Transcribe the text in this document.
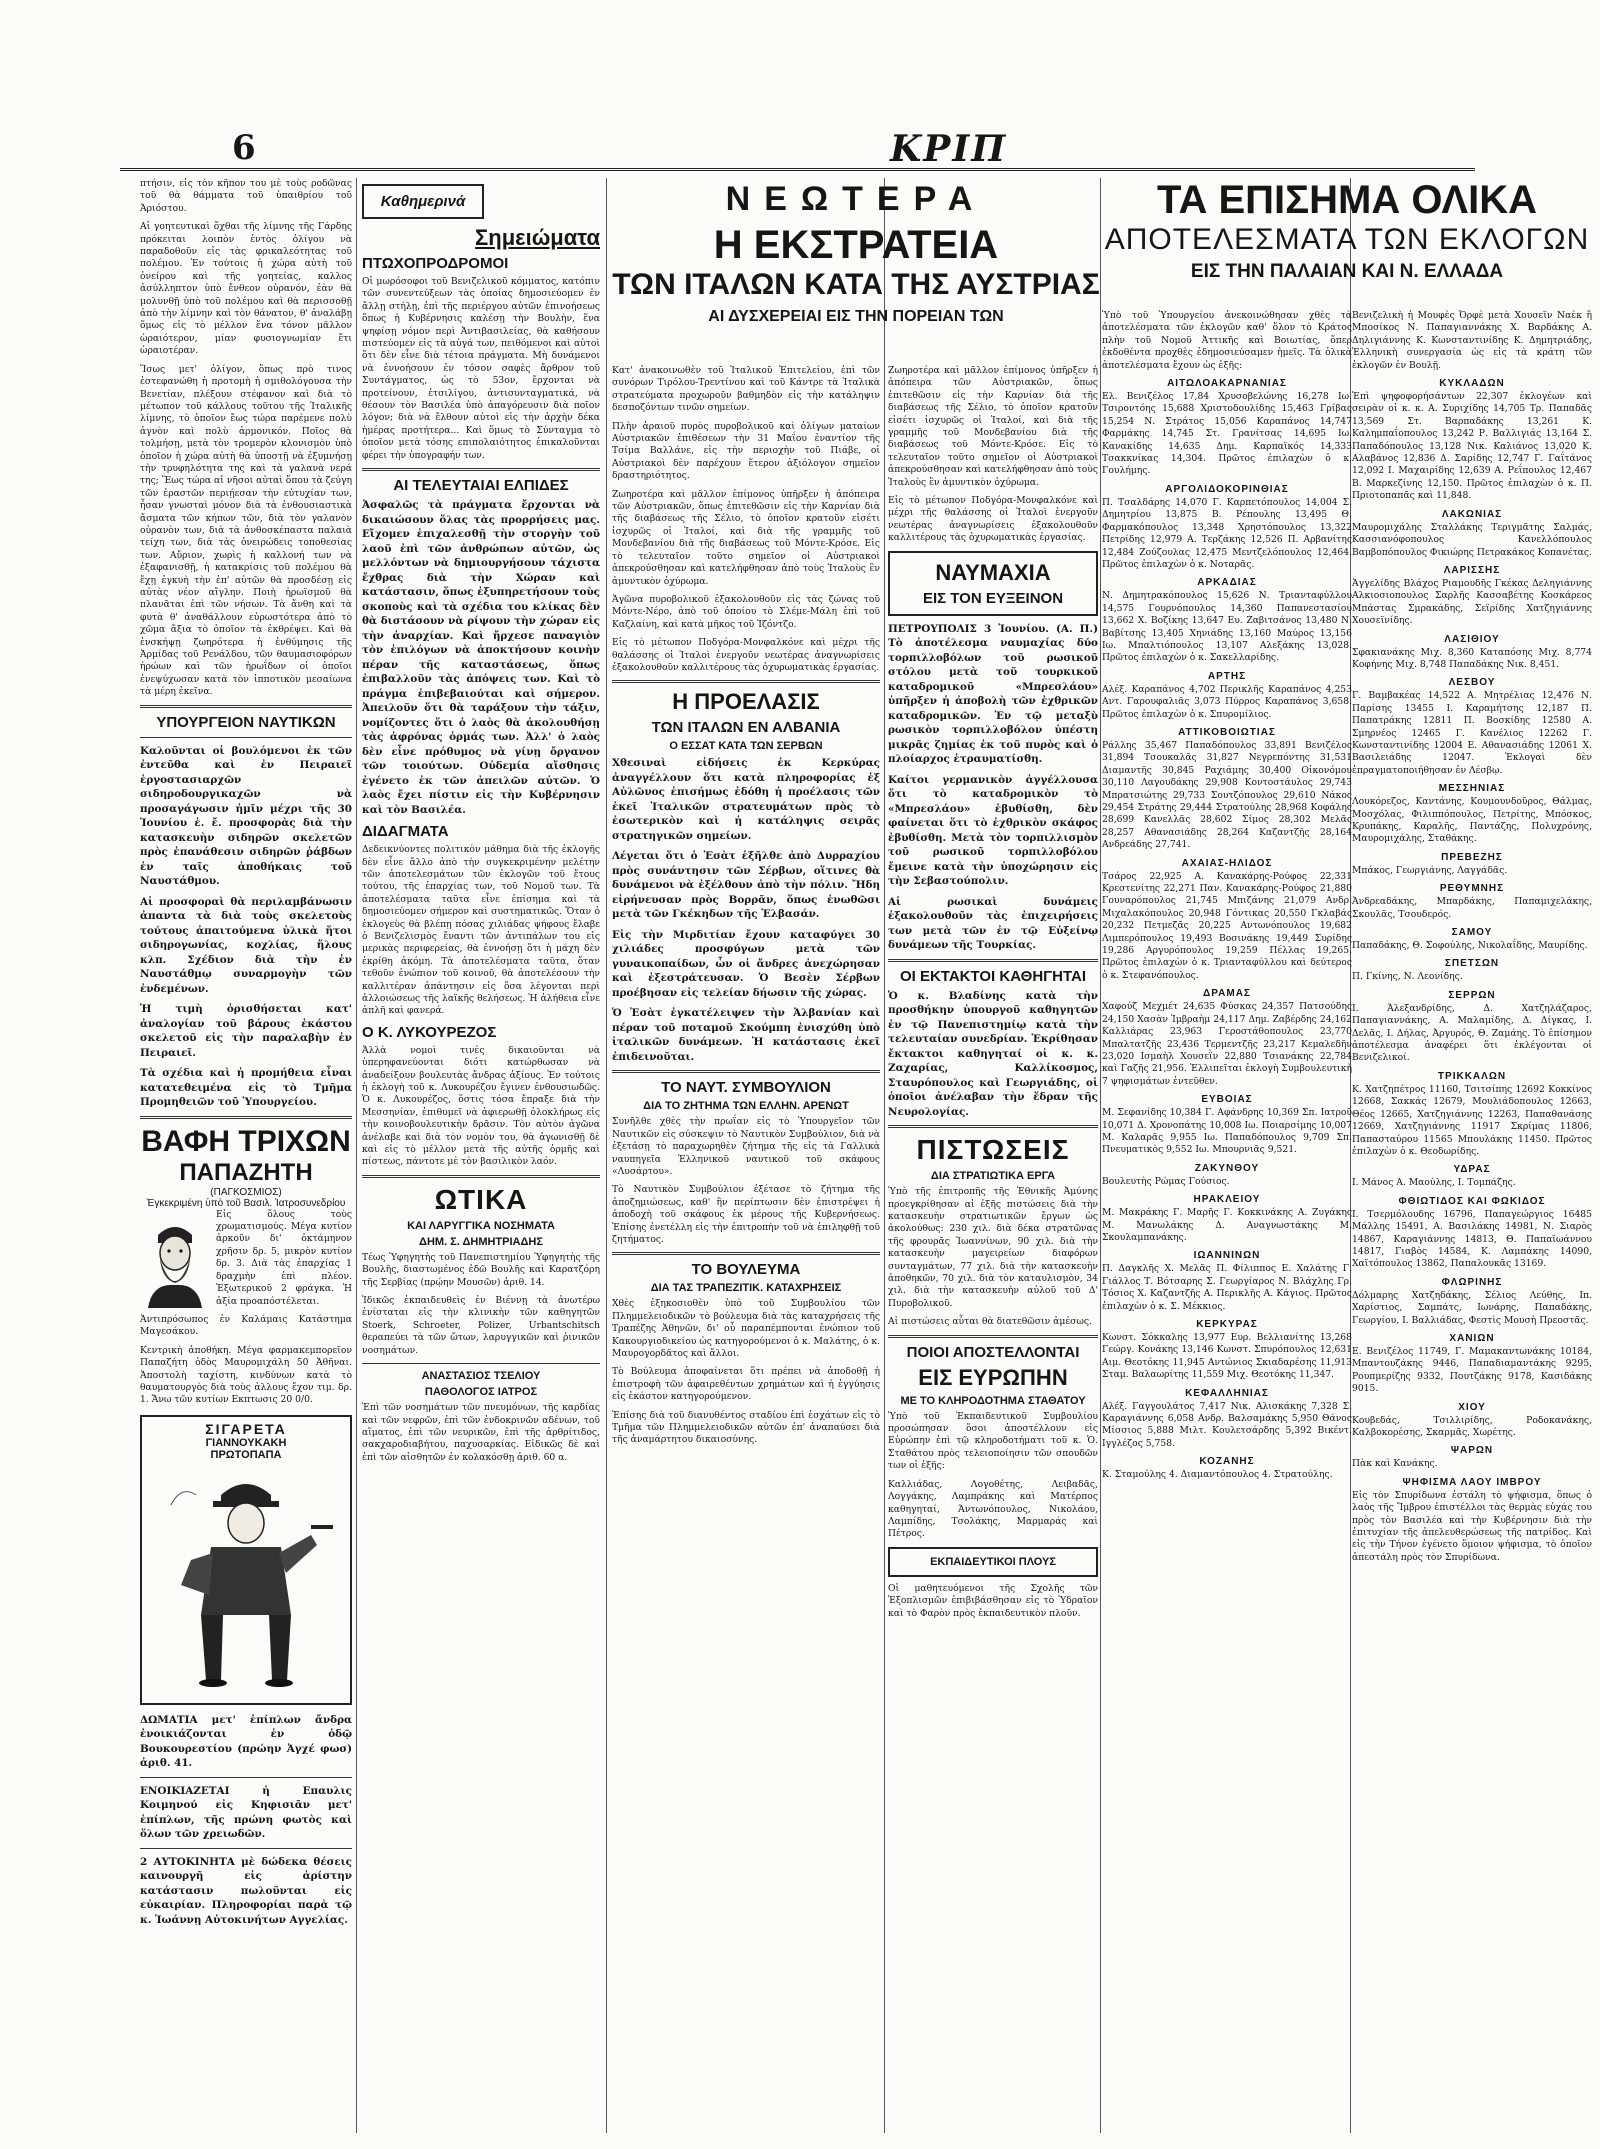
6	ΚΡΙΠ

πτήσιν, εἰς τὸν κῆπον του μὲ τοὺς ροδῶνας τοῦ θὰ θάμματα τοῦ ὑπαιθρίου τοῦ Ἀριόστου.

Αἱ γοητευτικαὶ ὄχθαι τῆς λίμνης τῆς Γάρδης πρόκειται λοιπὸν ἐντὸς ὀλίγου νὰ παραδοθοῦν εἰς τὰς φρικαλεότητας τοῦ πολέμου. Ἐν τούτοις ἡ χώρα αὐτὴ τοῦ ὀνείρου καὶ τῆς γοητείας, καλλος ἀσύλληπτον ὑπὸ ἔνθεον οὐρανόν, ἐὰν θὰ μολυνθῇ ὑπὸ τοῦ πολέμου καὶ θὰ περισσοθῇ ἀπὸ τὴν λίμνην καὶ τὸν θάνατον, θ' ἀναλάβῃ ὅμως εἰς τὸ μέλλον ἕνα τόνον μᾶλλον ὠραιότερον, μίαν φυσιογνωμίαν ἔτι ὡραιοτέραν.

Ἴσως μετ' ὀλίγον, ὅπως πρὸ τινος ἐστεφανώθη ἡ προτομὴ ἡ σμιθολόγουσα τὴν Βενετίαν, πλέξουν στέφανον καὶ διὰ τὸ μέτωπον τοῦ κάλλους τοῦτου τῆς Ἰταλικῆς λίμνης, τὸ ὁποῖον ἔως τώρα παρέμενε πολὺ ἁγνὸν καὶ πολὺ ἀρμονικόν. Ποῖος θὰ τολμήσῃ, μετὰ τὸν τρομερὸν κλονισμὸν ὑπὸ ὁποῖον ἡ χώρα αὐτὴ θὰ ὑποστῇ νὰ ἐξυμνήσῃ τὴν τρυφηλότητα της καὶ τὰ γαλανὰ νερά της; Ἕως τώρα αἱ νῆσοι αὐταὶ ὅπου τὰ ζεύγη τῶν ἐραστῶν περιῄεσαν τὴν εὐτυχίαν των, ἦσαν γνωσταὶ μόνον διὰ τὰ ἐνθουσιαστικὰ ἄσματα τῶν κήπων τῶν, διὰ τὸν γαλανὸν οὐρανὸν των, διὰ τὰ ἀνθοσκέπαστα παλαιὰ τείχη των, διὰ τὰς ὀνειρώδεις τοποθεσίας των. Αὔριον, χωρὶς ἡ καλλονή των νὰ ἐξαφανισθῇ, ἡ κατακρίσις τοῦ πολέμου θὰ ἔχῃ ἐγκυὴ τὴν ἐπ' αὐτῶν θὰ προσδέσῃ εἰς αὐτὰς νέον αἴγλην. Ποιὴ ἡρωϊσμοῦ θὰ πλανᾶται ἐπὶ τῶν νήσων. Τὰ ἄνθη καὶ τὰ φυτὰ θ' ἀναθάλλουν εὐρωστότερα ἀπὸ τὸ χῶμα ἄξια τὸ ὁποῖον τὰ ἐκθρέψει. Καὶ θὰ ἐνσκήψῃ ζωηρότερα ἡ ἐνθύμησις τῆς Ἀρμίδας τοῦ Ρενάλδου, τῶν θαυμασιοφόρων ἡρώων καὶ τῶν ἡρωΐδων οἱ ὁποῖοι ἐνεψύχωσαν κατὰ τὸν ἱπποτικὸν μεσαίωνα τὰ μέρη ἐκεῖνα.

ΥΠΟΥΡΓΕΙΟΝ ΝΑΥΤΙΚΩΝ

Καλοῦνται οἱ βουλόμενοι ἐκ τῶν ἐντεῦθα καὶ ἐν Πειραιεῖ ἐργοστασιαρχῶν σιδηροδουργικαχῶν νὰ προσαγάγωσιν ἡμῖν μέχρι τῆς 30 Ἰουνίου ἐ. ἔ. προσφορὰς διὰ τὴν κατασκευὴν σιδηρῶν σκελετῶν πρὸς ἐπανάθεσιν σιδηρῶν ῥάβδων ἐν ταῖς ἀποθήκαις τοῦ Ναυστάθμου.

Αἱ προσφοραὶ θὰ περιλαμβάνωσιν ἀπαντα τὰ διὰ τοὺς σκελετοὺς τούτους ἀπαιτούμενα ὑλικὰ ἥτοι σιδηρογωνίας, κοχλίας, ἥλους κλπ. Σχέδιον διὰ τὴν ἐν Ναυστάθμῳ συναρμογὴν τῶν ἐνδεμένων.

Ἡ τιμὴ ὁρισθήσεται κατ' ἀναλογίαν τοῦ βάρους ἑκάστου σκελετοῦ εἰς τὴν παραλαβὴν ἐν Πειραιεῖ.

Τὰ σχέδια καὶ ἡ προμήθεια εἶναι κατατεθειμένα εἰς τὸ Τμῆμα Προμηθειῶν τοῦ Ὑπουργείου.

ΒΑΦΗ ΤΡΙΧΩΝ
ΠΑΠΑΖΗΤΗ
(ΠΑΓΚΟΣΜΙΟΣ)
Ἐγκεκριμένη ὑπὸ τοῦ Βασιλ. Ἰατροσυνεδρίου

Εἰς ὅλους τοὺς χρωματισμούς. Μέγα κυτίον ἀρκοῦν δι' ὀκτάμηνον χρῆσιν δρ. 5, μικρὸν κυτίον δρ. 3. Διὰ τὰς ἐπαρχίας 1 δραχμὴν ἐπὶ πλέον. Ἐξωτερικοῦ 2 φράγκα. Ἡ ἀξία προαπόστέλεται.

Ἀντιπρόσωπος ἐν Καλάμαις Κατάστημα Μαγεσάκου.

Κεντρικὴ ἀποθήκη. Μέγα φαρμακεμπορεῖον Παπαζήτη ὁδὸς Μαυρομιχάλη 50 Ἀθῆναι. Ἀποστολὴ ταχίστη, κινδύνων κατὰ τὸ θαυματουργὸς διὰ τοὺς ἀλλους ἔχον τιμ. δρ. 1. Ἄνω τῶν κυτίων Εκπτωσις 20 0/0.

ΣΙΓΑΡΕΤΑ
ΓΙΑΝΝΟΥΚΑΚΗ
ΠΡΩΤΟΠΑΠΑ

ΔΩΜΑΤΙΑ μετ' ἐπίπλων ἄνδρα ἐνοικιάζονται ἐν ὁδῷ Βουκουρεστίου (πρώην Ἀγχέ φωσ) ἀριθ. 41.

ΕΝΟΙΚΙΑΖΕΤΑΙ ἡ Επαυλις Κοιμηνού εἰς Κηφισιᾶν μετ' ἐπίπλων, τῆς πρώνη φωτὸς καὶ ὅλων τῶν χρειωδῶν.

2 ΑΥΤΟΚΙΝΗΤΑ μὲ δώδεκα θέσεις καινουργῆ εἰς ἀρίστην κατάστασιν πωλοῦνται εἰς εὐκαιρίαν. Πληροφορίαι παρὰ τῷ κ. Ἰωάννῃ Αὐτοκινήτων Αγγελίας.

Καθημερινά
Σημειώματα
ΠΤΩΧΟΠΡΟΔΡΟΜΟΙ

Οἱ μωρόσοφοι τοῦ Βενιζελικοῦ κόμματος, κατόπιν τῶν συνεντεύξεων τὰς ὁποίας δημοσιεύομεν ἐν ἄλλῃ στήλῃ, ἐπὶ τῆς περιέργου αὐτῶν ἐπινοήσεως ὅπως ἡ Κυβέρνησις καλέσῃ τὴν Βουλὴν, ἕνα ψηφίσῃ νόμον περὶ Ἀντιβασιλείας, θὰ καθήσουν πιστεύομεν εἰς τὰ αὐγά των, πειθόμενοι καὶ αὐτοὶ ὅτι δὲν εἶνε διὰ τέτοια πράγματα. Μὴ δυνάμενοι νὰ ἐννοήσουν ἐν τόσον σαφὲς ἄρθρον τοῦ Συντάγματος, ὡς τὸ 53ον, ἔρχονται νὰ προτείνουν, ἐτσιλίγου, ἀντισυνταγματικά, νὰ θέσουν τὸν Βασιλέα ὑπὸ ἀπαγόρευσιν διὰ ποῖον λόγον; διὰ νὰ ἔλθουν αὐτοὶ εἰς τὴν ἀρχὴν δέκα ἡμέρας προτήτερα... Καὶ ὅμως τὸ Σύνταγμα τὸ ὁποῖον μετὰ τόσης επιπολαιότητος ἐπικαλοῦνται φέρει τὴν ὑπογραφήν των.

ΑΙ ΤΕΛΕΥΤΑΙΑΙ ΕΛΠΙΔΕΣ

Ἀσφαλῶς τὰ πράγματα ἔρχονται νὰ δικαιώσουν ὅλας τὰς προρρήσεις μας. Εἴχομεν ἐπιχαλεσθῇ τὴν στοργὴν τοῦ λαοῦ ἐπὶ τῶν ἀνθρώπων αὐτῶν, ὡς μελλόντων νὰ δημιουργήσουν τάχιστα ἔχθρας διὰ τὴν Χώραν καὶ κατάστασιν, ὅπως ἐξυπηρετήσουν τοὺς σκοποὺς καὶ τὰ σχέδια του κλίκας δὲν θὰ διστάσουν νὰ ρίψουν τὴν χώραν εἰς τὴν ἀναρχίαν. Καὶ ἤρχεσε παναγιὸν τὸν ἐπιλόγων νὰ ἀποκτήσουν κοινὴν πέραν τῆς καταστάσεως, ὅπως ἐπιβαλλοῦν τὰς ἀπόψεις των. Καὶ τὸ πράγμα ἐπιβεβαιούται καὶ σήμερον. Ἀπειλοῦν ὅτι θὰ ταράξουν τὴν τάξιν, νομίζοντες ὅτι ὁ λαὸς θὰ ἀκολουθήσῃ τὰς ἀφρόνας ὁρμάς των. Ἀλλ' ὁ λαὸς δὲν εἶνε πρόθυμος νὰ γίνῃ ὄργανον τῶν τοιούτων. Οὐδεμία αἴσθησις ἐγένετο ἐκ τῶν ἀπειλῶν αὐτῶν. Ὁ λαὸς ἔχει πίστιν εἰς τὴν Κυβέρνησιν καὶ τὸν Βασιλέα.

ΔΙΔΑΓΜΑΤΑ

Δεδεικνύοντες πολιτικὸν μάθημα διὰ τῆς ἐκλογῆς δὲν εἶνε ἄλλο ἀπὸ τὴν συγκεκριμένην μελέτην τῶν ἀποτελεσμάτων τῶν ἐκλογῶν τοῦ ἔτους τούτου, τῆς ἐπαρχίας των, τοῦ Νομοῦ των. Τὰ ἀποτελέσματα ταῦτα εἶνε ἐπίσημα καὶ τὰ δημοσιεύομεν σήμερον καὶ συστηματικῶς. Ὅταν ὁ ἐκλογεὺς θὰ βλέπῃ πόσας χιλιάδας ψήφους ἔλαβε ὁ Βενιζελισμὸς ἔναντι τῶν ἀντιπάλων του εἰς μερικὰς περιφερείας, θὰ ἐννοήσῃ ὅτι ἡ μάχη δὲν ἐκρίθη ἀκόμη. Τὰ ἀποτελέσματα ταῦτα, ὅταν τεθοῦν ἐνώπιον τοῦ κοινοῦ, θὰ ἀποτελέσουν τὴν καλλιτέραν ἀπάντησιν εἰς ὅσα λέγονται περὶ ἀλλοιώσεως τῆς λαϊκῆς θελήσεως. Ἡ ἀλήθεια εἶνε ἁπλῆ καὶ φανερά.

Ο Κ. ΛΥΚΟΥΡΕΖΟΣ

Ἀλλὰ νομοὶ τινὲς δικαιοῦνται νὰ ὑπερηφανεύονται διότι κατώρθωσαν νὰ ἀναδείξουν βουλευτὰς ἄνδρας ἀξίους. Ἐν τούτοις ἡ ἐκλογὴ τοῦ κ. Λυκουρέζου ἔγινεν ἐνθουσιωδῶς. Ὁ κ. Λυκουρέζος, ὅστις τόσα ἔπραξε διὰ τὴν Μεσσηνίαν, ἐπιθυμεῖ νὰ ἀφιερωθῇ ὁλοκλήρως εἰς τὴν κοινοβουλευτικὴν δρᾶσιν. Τὸν αὐτὸν ἀγῶνα ἀνέλαβε καὶ διὰ τὸν νομὸν του, θὰ ἀγωνισθῇ δὲ καὶ εἰς τὸ μέλλον μετὰ τῆς αὐτῆς ὁρμῆς καὶ πίστεως, πάντοτε μὲ τὸν βασιλικὸν λαόν.

ΩΤΙΚΑ
ΚΑΙ ΛΑΡΥΓΓΙΚΑ ΝΟΣΗΜΑΤΑ
ΔΗΜ. Σ. ΔΗΜΗΤΡΙΑΔΗΣ

Τέως Ὑφηγητὴς τοῦ Πανεπιστημίου Ὑφηγητὴς τῆς Βουλῆς, διαστωμένος ἐδῶ Βουλῆς καὶ Καρατζόρη τῆς Σερβίας (πρῴην Μουσῶν) ἀριθ. 14.

Ἰδικῶς ἐκπαιδευθεὶς ἐν Βιέννῃ τὰ ἀνωτέρω ἐνίσταται εἰς τὴν κλινικὴν τῶν καθηγητῶν Stoerk, Schroeter, Polizer, Urbantschitsch θεραπεύει τὰ τῶν ὤτων, λαρυγγικῶν καὶ ῥινικῶν νοσημάτων.

ΑΝΑΣΤΑΣΙΟΣ ΤΣΕΛΙΟΥ
ΠΑΘΟΛΟΓΟΣ ΙΑΤΡΟΣ

Ἐπὶ τῶν νοσημάτων τῶν πνευμόνων, τῆς καρδίας καὶ τῶν νεφρῶν, ἐπὶ τῶν ἐνδοκρινῶν αδένων, τοῦ αἵματος, ἐπὶ τῶν νευρικῶν, ἐπὶ τῆς ἀρθρίτιδος, σακχαροδιαβήτου, παχυσαρκίας. Εἰδικῶς δὲ καὶ ἐπὶ τῶν αἰσθητῶν ἐν κολακόσθῃ ἀριθ. 60 α.

ΝΕΩΤΕΡΑ
Η ΕΚΣΤΡΑΤΕΙΑ
ΤΩΝ ΙΤΑΛΩΝ ΚΑΤΑ ΤΗΣ ΑΥΣΤΡΙΑΣ
ΑΙ ΔΥΣΧΕΡΕΙΑΙ ΕΙΣ ΤΗΝ ΠΟΡΕΙΑΝ ΤΩΝ

Κατ' ἀνακοινωθὲν τοῦ Ἰταλικοῦ Ἐπιτελείου, ἐπὶ τῶν συνόρων Τιρόλου-Τρεντίνου καὶ τοῦ Κάντρε τὰ Ἰταλικὰ στρατεύματα προχωροῦν βαθμηδὸν εἰς τὴν κατάληψιν δεσποζόντων τινῶν σημείων.

Πλὴν ἀραιοῦ πυρὸς πυροβολικοῦ καὶ ὀλίγων ματαίων Αὐστριακῶν ἐπιθέσεων τὴν 31 Μαΐου ἐναντίον τῆς Τσίμα Βαλλάνε, εἰς τὴν περιοχὴν τοῦ Πιάβε, οἱ Αὐστριακοὶ δὲν παρέχουν ἕτερον ἀξιόλογον σημεῖον δραστηριότητος.

Ζωηροτέρα καὶ μᾶλλον ἐπίμονος ὑπῆρξεν ἡ ἀπόπειρα τῶν Αὐστριακῶν, ὅπως ἐπιτεθῶσιν εἰς τὴν Καρνίαν διὰ τῆς διαβάσεως τῆς Σέλιο, τὸ ὁποῖον κρατοῦν εἰσέτι ἰσχυρῶς οἱ Ἰταλοί, καὶ διὰ τῆς γραμμῆς τοῦ Μονδεβανίου διὰ τῆς διαβάσεως τοῦ Μόντε-Κρόσε. Εἰς τὸ τελευταῖον τοῦτο σημεῖον οἱ Αὐστριακοὶ ἀπεκρούσθησαν καὶ κατελήφθησαν ἀπὸ τοὺς Ἰταλοὺς ἓν ἀμυντικὸν ὀχύρωμα.

Ἀγῶνα πυροβολικοῦ ἐξακολουθοῦν εἰς τὰς ζώνας τοῦ Μόντε-Νέρο, ἀπὸ τοῦ ὁποίου τὸ Σλέμε-Μάλη ἐπὶ τοῦ Καζλαίνη, καὶ κατὰ μῆκος τοῦ Ἰζόντζο.

Εἰς τὸ μέτωπον Ποδγόρα-Μονφαλκόνε καὶ μέχρι τῆς θαλάσσης οἱ Ἰταλοὶ ἐνεργοῦν νεωτέρας ἀναγνωρίσεις ἐξακολουθοῦν καλλιτέρους τὰς ὀχυρωματικὰς ἐργασίας.

Η ΠΡΟΕΛΑΣΙΣ
ΤΩΝ ΙΤΑΛΩΝ ΕΝ ΑΛΒΑΝΙΑ
Ο ΕΣΣΑΤ ΚΑΤΑ ΤΩΝ ΣΕΡΒΩΝ

Χθεσιναὶ εἰδήσεις ἐκ Κερκύρας ἀναγγέλλουν ὅτι κατὰ πληροφορίας ἐξ Αὐλῶνος ἐπισήμως ἐδόθη ἡ προέλασις τῶν ἐκεῖ Ἰταλικῶν στρατευμάτων πρὸς τὸ ἐσωτερικὸν καὶ ἡ κατάληψις σειρᾶς στρατηγικῶν σημείων.

Λέγεται ὅτι ὁ Ἐσὰτ ἐξῆλθε ἀπὸ Δυρραχίου πρὸς συνάντησιν τῶν Σέρβων, οἵτινες θὰ δυνάμενοι νὰ ἐξέλθουν ἀπὸ τὴν πόλιν. Ἤδη εἰρήνευσαν πρὸς Βορρᾶν, ὅπως ἐνωθῶσι μετὰ τῶν Γκέκηδων τῆς Ἐλβασάν.

Εἰς τὴν Μιρδιτίαν ἔχουν καταφύγει 30 χιλιάδες προσφύγων μετὰ τῶν γυναικοπαίδων, ὧν οἱ ἄνδρες ἀνεχώρησαν καὶ ἐξεστράτευσαν. Ὁ Βεσὲν Σέρβων προέβησαν εἰς τελείαν δήωσιν τῆς χώρας.

Ὁ Ἐσὰτ ἐγκατέλειψεν τὴν Ἀλβανίαν καὶ πέραν τοῦ ποταμοῦ Σκούμπη ἐνισχύθη ὑπὸ ἰταλικῶν δυνάμεων. Ἡ κατάστασις ἐκεῖ ἐπιδεινοῦται.

ΤΟ ΝΑΥΤ. ΣΥΜΒΟΥΛΙΟΝ
ΔΙΑ ΤΟ ΖΗΤΗΜΑ ΤΩΝ ΕΛΛΗΝ. ΑΡΕΝΩΤ

Συνῆλθε χθὲς τὴν πρωΐαν εἰς τὸ Ὑπουργεῖον τῶν Ναυτικῶν εἰς σύσκεψιν τὸ Ναυτικὸν Συμβούλιον, διὰ νὰ ἐξετάσῃ τὸ παραχωρηθὲν ζήτημα τῆς εἰς τὰ Γαλλικὰ ναυπηγεῖα Ἑλληνικοῦ ναυτικοῦ τοῦ σκάφους «Λυσάρτου».

Τὸ Ναυτικὸν Συμβούλιον ἐξέτασε τὸ ζήτημα τῆς ἀποζημιώσεως, καθ' ἣν περίπτωσιν δὲν ἐπιστρέψει ἡ ἀποδοχὴ τοῦ σκάφους ἐκ μέρους τῆς Κυβερνήσεως. Ἐπίσης ἐνετέλλη εἰς τὴν ἐπιτροπὴν τοῦ νὰ ἐπιληφθῇ τοῦ ζητήματος.

ΤΟ ΒΟΥΛΕΥΜΑ
ΔΙΑ ΤΑΣ ΤΡΑΠΕΖΙΤΙΚ. ΚΑΤΑΧΡΗΣΕΙΣ

Χθὲς ἐξηκοσιοθὲν ὑπὸ τοῦ Συμβουλίου τῶν Πλημμελειοδικῶν τὸ βούλευμα διὰ τὰς καταχρήσεις τῆς Τραπέζης Ἀθηνῶν, δι' οὗ παραπέμπονται ἐνώπιον τοῦ Κακουργιοδικείου ὡς κατηγορούμενοι ὁ κ. Μαλάτης, ὁ κ. Μαυρογορδᾶτος καὶ ἄλλοι.

Τὸ Βούλευμα ἀποφαίνεται ὅτι πρέπει νὰ ἀποδοθῇ ἡ ἐπιστροφὴ τῶν ἀφαιρεθέντων χρημάτων καὶ ἡ ἐγγύησις εἰς ἐκάστον κατηγορούμενον.

Ἐπίσης διὰ τοῦ διανυθέντος σταδίου ἐπὶ ἐσχάτων εἰς τὸ Τμῆμα τῶν Πλημμελειοδικῶν αὐτῶν ἐπ' ἀναπαύσει διὰ τῆς ἀναμάρτητου δικαιοσύνης.

Ζωηροτέρα καὶ μᾶλλον ἐπίμονος ὑπῆρξεν ἡ ἀπόπειρα τῶν Αὐστριακῶν, ὅπως ἐπιτεθῶσιν εἰς τὴν Καρνίαν διὰ τῆς διαβάσεως τῆς Σέλιο, τὸ ὁποῖον κρατοῦν εἰσέτι ἰσχυρῶς οἱ Ἰταλοί, καὶ διὰ τῆς γραμμῆς τοῦ Μονδεβανίου διὰ τῆς διαβάσεως τοῦ Μόντε-Κρόσε. Εἰς τὸ τελευταῖον τοῦτο σημεῖον οἱ Αὐστριακοὶ ἀπεκρούσθησαν καὶ κατελήφθησαν ἀπὸ τοὺς Ἰταλοὺς ἓν ἀμυντικὸν ὀχύρωμα.

Εἰς τὸ μέτωπον Ποδγόρα-Μονφαλκόνε καὶ μέχρι τῆς θαλάσσης οἱ Ἰταλοὶ ἐνεργοῦν νεωτέρας ἀναγνωρίσεις ἐξακολουθοῦν καλλιτέρους τὰς ὀχυρωματικὰς ἐργασίας.

ΝΑΥΜΑΧΙΑ
ΕΙΣ ΤΟΝ ΕΥΞΕΙΝΟΝ

ΠΕΤΡΟΥΠΟΛΙΣ 3 Ἰουνίου. (Α. Π.) Τὸ ἀποτέλεσμα ναυμαχίας δύο τορπιλλοβόλων τοῦ ρωσικοῦ στόλου μετὰ τοῦ τουρκικοῦ καταδρομικοῦ «Μπρεσλάου» ὑπῆρξεν ἡ ἀποβολὴ τῶν ἐχθρικῶν καταδρομικῶν. Ἐν τῷ μεταξὺ ρωσικὸν τορπιλλοβόλον ὑπέστη μικρᾶς ζημίας ἐκ τοῦ πυρὸς καὶ ὁ πλοίαρχος ἐτραυματίσθη.

Καίτοι γερμανικὸν ἀγγέλλουσα ὅτι τὸ καταδρομικὸν τὸ «Μπρεσλάου» ἐβυθίσθη, δὲν φαίνεται ὅτι τὸ ἐχθρικὸν σκάφος ἐβυθίσθη. Μετὰ τὸν τορπιλλισμὸν τοῦ ρωσικοῦ τορπιλλοβόλου ἔμεινε κατὰ τὴν ὑποχώρησιν εἰς τὴν Σεβαστούπολιν.

Αἱ ρωσικαὶ δυνάμεις ἐξακολουθοῦν τὰς ἐπιχειρήσεις των μετὰ τῶν ἐν τῷ Εὐξείνῳ δυνάμεων τῆς Τουρκίας.

ΟΙ ΕΚΤΑΚΤΟΙ ΚΑΘΗΓΗΤΑΙ

Ὁ κ. Βλαδίνης κατὰ τὴν προσθήκην ὑπουργοῦ καθηγητῶν ἐν τῷ Πανεπιστημίῳ κατὰ τὴν τελευταίαν συνεδρίαν. Ἐκρίθησαν ἔκτακτοι καθηγηταί οἱ κ. κ. Ζαχαρίας, Καλλίκοσμος, Σταυρόπουλος καὶ Γεωργιάδης, οἱ ὁποῖοι ἀνέλαβαν τὴν ἕδραν τῆς Νευρολογίας.

ΠΙΣΤΩΣΕΙΣ
ΔΙΑ ΣΤΡΑΤΙΩΤΙΚΑ ΕΡΓΑ

Ὑπὸ τῆς ἐπιτροπῆς τῆς Ἐθνικῆς Ἀμύνης προεγκρίθησαν αἱ ἐξῆς πιστώσεις διὰ τὴν κατασκευὴν στρατιωτικῶν ἔργων ὡς ἀκολούθως: 230 χιλ. διὰ δέκα στρατῶνας τῆς φρουρᾶς Ἰωαννίνων, 90 χιλ. διὰ τὴν κατασκευὴν μαγειρείων διαφόρων συνταγμάτων, 77 χιλ. διὰ τὴν κατασκευὴν ἀποθηκῶν, 70 χιλ. διὰ τὸν καταυλισμὸν, 34 χιλ. διὰ τὴν κατασκευὴν αὐλοῦ τοῦ Δ' Πυροβολικοῦ.

Αἱ πιστώσεις αὗται θὰ διατεθῶσιν ἀμέσως.

ΠΟΙΟΙ ΑΠΟΣΤΕΛΛΟΝΤΑΙ
ΕΙΣ ΕΥΡΩΠΗΝ
ΜΕ ΤΟ ΚΛΗΡΟΔΟΤΗΜΑ ΣΤΑΘΑΤΟΥ

Ὑπὸ τοῦ Ἐκπαιδευτικοῦ Συμβουλίου προσώπησαν ὅσοι ἀποστέλλουν εἰς Εὐρώπην ἐπὶ τῷ κληροδοτήματι τοῦ κ. Ὁ. Σταθάτου πρὸς τελειοποίησιν τῶν σπουδῶν των οἱ ἐξῆς:

Καλλιάδας, Λογοθέτης, Λειβαδᾶς, Λογγάκης, Λαμπράκης καὶ Ματέρπος καθηγηταί, Ἀντωνόπουλος, Νικολάου, Λαμπίδης, Τσολάκης, Μαρμαράς καὶ Πέτρος.

ΕΚΠΑΙΔΕΥΤΙΚΟΙ ΠΛΟΥΣ

Οἱ μαθητευόμενοι τῆς Σχολῆς τῶν Ἐξοπλισμῶν ἐπιβιβάσθησαν εἰς τὸ Ὑδραῖον καὶ τὸ Φαρὸν πρὸς ἐκπαιδευτικὸν πλοῦν.

ΤΑ ΕΠΙΣΗΜΑ ΟΛΙΚΑ
ΑΠΟΤΕΛΕΣΜΑΤΑ ΤΩΝ ΕΚΛΟΓΩΝ
ΕΙΣ ΤΗΝ ΠΑΛΑΙΑΝ ΚΑΙ Ν. ΕΛΛΑΔΑ

Ὑπὸ τοῦ Ὑπουργείου ἀνεκοινώθησαν χθὲς τὰ ἀποτελέσματα τῶν ἐκλογῶν καθ' ὅλον τὸ Κράτος πλὴν τοῦ Νομοῦ Ἀττικῆς καὶ Βοιωτίας, ὅπερ ἐκδοθέντα προχθὲς ἐδημοσιεύσαμεν ἡμεῖς. Τὰ ὁλικὰ ἀποτελέσματα ἔχουν ὡς ἑξῆς:

ΑΙΤΩΛΟΑΚΑΡΝΑΝΙΑΣ

Ελ. Βενιζέλος 17,84 Χρυσοβελώνης 16,278 Ιω. Τσιροντόης 15,688 Χριστοδουλίδης 15,463 Γρίβας 15,254 Ν. Στράτος 15,056 Καραπάνος 14,747 Φαρμάκης 14,745 Στ. Γρανίτσας 14,695 Ιω. Κανακίδης 14,635 Δημ. Καρπαϊκός 14,333 Τσακκνίκας 14,304. Πρῶτος ἐπιλαχὼν ὁ κ. Γουλήμης.

ΑΡΓΟΛΙΔΟΚΟΡΙΝΘΙΑΣ

Π. Τσαλδάρης 14,070 Γ. Καρπετόπουλος 14,004 Σ. Δημητρίου 13,875 Β. Ρέπουλης 13,495 Θ. Φαρμακόπουλος 13,348 Χρηστόπουλος 13,322 Πετρίδης 12,979 Α. Τερζάκης 12,526 Π. Αρβανίτης 12,484 Ζούζουλας 12,475 Μεντζελόπουλος 12,464. Πρῶτος ἐπιλαχὼν ὁ κ. Νοταρᾶς.

ΑΡΚΑΔΙΑΣ

Ν. Δημητρακόπουλος 15,626 Ν. Τριανταφύλλου 14,575 Γουρνόπουλος 14,360 Παπανεστασίου 13,662 Χ. Βοζίκης 13,647 Ευ. Ζαβιτσάνος 13,480 Ν. Βαβίτσης 13,405 Χηνιάδης 13,160 Μαύρος 13,156 Ιω. Μπαλτιόπουλος 13,107 Αλεξάκης 13,028. Πρῶτος ἐπιλαχὼν ὁ κ. Σακελλαρίδης.

ΑΡΤΗΣ

Αλέξ. Καραπάνος 4,702 Περικλῆς Καραπάνος 4,253 Αντ. Γαρουφαλιᾶς 3,073 Πύρρος Καραπάνος 3,658. Πρῶτος ἐπιλαχὼν ὁ κ. Σπυρομίλιος.

ΑΤΤΙΚΟΒΟΙΩΤΙΑΣ

Ράλλης 35,467 Παπαδόπουλος 33,891 Βενιζέλος 31,894 Τσουκαλᾶς 31,827 Νεγρεπόντης 31,531 Διαμαντῆς 30,845 Ραχιάμης 30,400 Οἰκονόμου 30,110 Λαγουδάκης 29,908 Κοντοστάυλος 29,743 Μπρατσιώτης 29,733 Σουτζόπουλος 29,610 Νάκος 29,454 Στράτης 29,444 Στρατούλης 28,968 Κοφάλης 28,699 Κανελλᾶς 28,602 Σίμος 28,302 Μελᾶς 28,257 Αθανασιάδης 28,264 Καζαντζῆς 28,164 Ανδρεάδης 27,741.

ΑΧΑΙΑΣ-ΗΛΙΔΟΣ

Τσάρος 22,925 Α. Κανακάρης-Ρούφος 22,331 Κρεστενίτης 22,271 Παν. Κανακάρης-Ρούφος 21,880 Γουναρόπουλος 21,745 Μπιζάνης 21,079 Ανδρ. Μιχαλακόπουλος 20,948 Γόντικας 20,550 Γκλαβάς 20,232 Πετμεζᾶς 20,225 Αντωνόπουλος 19,682 Λιμπερόπουλος 19,493 Βοσινάκης 19,449 Συρίδης 19,286 Αργυρόπουλος 19,259 Πέλλας 19,265. Πρῶτος ἐπιλαχὼν ὁ κ. Τριανταφύλλου καὶ δεύτερος ὁ κ. Στεφανόπουλος.

ΔΡΑΜΑΣ

Χαφούζ Μεχμέτ 24,635 Φύσκας 24,357 Πατσούδης 24,150 Χασὰν Ἰμβραὴμ 24,117 Δημ. Ζαβέρδης 24,162 Καλλιάρας 23,963 Γεροστάθοπουλος 23,770 Μπαλτατζῆς 23,436 Τερμεντζῆς 23,217 Κεμαλεδῆν 23,020 Ισμαὴλ Χουσεῒν 22,880 Τσιανάκης 22,784 καὶ Γαζῆς 21,956. Ἐλλιπεῖται ἐκλογὴ Συμβουλευτικὴ 7 ψηφισμάτων ἐντεῦθεν.

ΕΥΒΟΙΑΣ

Μ. Σεφανίδης 10,384 Γ. Αφάνδρης 10,369 Σπ. Ιατροῦ 10,071 Δ. Χρονοπάτης 10,008 Ιω. Ποιαρσίμης 10,007 Μ. Καλαρᾶς 9,955 Ιω. Παπαδόπουλος 9,709 Σπ. Πνευματικὸς 9,552 Ιω. Μπουρνιᾶς 9,521.

ΖΑΚΥΝΘΟΥ

Βουλευτὴς Ρώμας Γούσιος.

ΗΡΑΚΛΕΙΟΥ

Μ. Μακράκης Γ. Μαρῆς Γ. Κοκκινάκης Α. Ζυγάκης Μ. Μανωλάκης Δ. Αναγνωστάκης Μ. Σκουλαμπανάκης.

ΙΩΑΝΝΙΝΩΝ

Π. Δαγκλῆς Χ. Μελᾶς Π. Φίλιππος Ε. Χαλάτης Γ. Γιάλλος Τ. Βότσαρης Σ. Γεωργίαρος Ν. Βλάχλης Γρ. Τόσιος Χ. Καζαντζῆς Α. Περικλῆς Α. Κάγιος. Πρῶτος ἐπιλαχὼν ὁ κ. Σ. Μέκκιος.

ΚΕΡΚΥΡΑΣ

Κωνστ. Σόκκαλης 13,977 Ευρ. Βελλιανίτης 13,268 Γεώργ. Κονάκης 13,146 Κωνστ. Σπυρόπουλος 12,631 Αιμ. Θεοτόκης 11,945 Αντώνιος Σκιαδαρέσης 11,913 Σταμ. Βαλαωρίτης 11,559 Μιχ. Θεοτόκης 11,347.

ΚΕΦΑΛΛΗΝΙΑΣ

Αλέξ. Γαγγουλάτος 7,417 Νικ. Αλισκάκης 7,328 Σ. Καραγιάννης 6,058 Ανδρ. Βαλσαμάκης 5,950 Θάνος Μίσσιος 5,888 Μιλτ. Κουλετσάρδης 5,392 Βικέντ. Ιγγλέζος 5,758.

ΚΟΖΑΝΗΣ

Κ. Σταμούλης 4. Διαμαντόπουλος 4. Στρατούλης.

Βενιζελικὴ ἡ Μουφὲς Ὀρφὲ μετὰ Χουσεΐν Ναὲκ ἢ Μποσίκος Ν. Παπαγιαννάκης Χ. Βαρδάκης Α. Δηλιγιάννης Κ. Κωνσταντινίδης Κ. Δημητριάδης, Ἐλληνικὴ συνεργασία ὡς εἰς τὰ κράτη τῶν ἐκλογῶν ἐν Βουλῇ.

ΚΥΚΛΑΔΩΝ

Ἐπὶ ψηφοφορήσάντων 22,307 ἐκλογέων καὶ σειρὰν οἱ κ. κ. Α. Συριχίδης 14,705 Τρ. Παπαδᾶς 13,569 Στ. Βαρπαδάκης 13,261 Κ. Καλημπαΐοπουλος 13,242 Ρ. Βαλλιγιάς 13,164 Σ. Παπαδόπουλος 13,128 Νικ. Καλιάνος 13,020 Κ. Αλαβάνος 12,836 Δ. Σαρίδης 12,747 Γ. Γαΐτάνος 12,092 Ι. Μαχαιρίδης 12,639 Α. Ρεΐπουλος 12,467 Β. Μαρκεζίνης 12,150. Πρῶτος ἐπιλαχὼν ὁ κ. Π. Πριοτοπαπᾶς καὶ 11,848.

ΛΑΚΩΝΙΑΣ

Μαυρομιχάλης Σταλλάκης Τεριγμᾶτης Σαλμάς, Κασσιανόφοπουλος Κανελλόπουλος Βαμβοπόπουλος Φικιώρης Πετρακάκος Κοπανέτας.

ΛΑΡΙΣΣΗΣ

Ἀγγελίδης Βλάχος Ριαμουδῆς Γκέκας Δεληγιάννης Αλκιοσιοπουλος Σαρλῆς Κασσαβέτης Κοσκάρεος Μπάστας Σμρακάδης, Σεϊρίδης Χατζηγιάννης Χουσεϊνίδης.

ΛΑΣΙΘΙΟΥ

Σφακιανάκης Μιχ. 8,360 Καταπόσης Μιχ. 8,774 Κοφήνης Μιχ. 8,748 Παπαδάκης Νικ. 8,451.

ΛΕΣΒΟΥ

Γ. Βαμβακέας 14,522 Α. Μητρέλιας 12,476 Ν. Παρίσης 13455 Ι. Καραμήτσης 12,187 Π. Παπατράκης 12811 Π. Βοσκίδης 12580 Α. Σμηρνέος 12465 Γ. Κανέλιος 12262 Γ. Κωνσταντινίδης 12004 Ε. Αθανασιάδης 12061 Χ. Βασιλειάδης 12047. Ἐκλογαὶ δὲν ἐπραγματοποιήθησαν ἐν Λέσβῳ.

ΜΕΣΣΗΝΙΑΣ

Λουκόρεζος, Καντάνης, Κουμουνδοῦρος, Θάλμας, Μοσχόλας, Φιλιππόπουλος, Πετρίτης, Μπόσκος, Κρυπάκης, Καραλῆς, Παντάζης, Πολυχρόνης, Μαυρομιχάλης, Σταθάκης.

ΠΡΕΒΕΖΗΣ

Μπάκος, Γεωργιάνης, Λαγγάδᾶς.

ΡΕΘΥΜΝΗΣ

Ἀνδρεαδάκης, Μπαρδάκης, Παπαμιχελάκης, Σκουλᾶς, Τσουδερός.

ΣΑΜΟΥ

Παπαδάκης, Θ. Σοφούλης, Νικολαΐδης, Μαυρίδης.

ΣΠΕΤΣΩΝ

Π. Γκίνης, Ν. Λεονίδης.

ΣΕΡΡΩΝ

Ι. Ἀλεξανδρίδης, Δ. Χατζηλάζαρος, Παπαγιαννάκης, Α. Μαλαμίδης, Δ. Δίγκας, Ι. Δελᾶς, Ι. Δήλας, Ἀργυρός, Θ. Ζαμάης. Τὸ ἐπίσημον ἀποτέλεσμα ἀναφέρει ὅτι ἐκλέγονται οἱ Βενιζελικοί.

ΤΡΙΚΚΑΛΩΝ

Κ. Χατζηπέτρος 11160, Τσιτσίπης 12692 Κοκκίνος 12668, Σακκάς 12679, Μουλιάδοπουλος 12663, Θέος 12665, Χατζηγιάννης 12263, Παπαθανάσης 12669, Χατζηγιάννης 11917 Σκρίμας 11806, Παπασταύρου 11565 Μπουλάκης 11450. Πρῶτος ἐπιλαχὼν ὁ κ. Θεοδωρίδης.

ΥΔΡΑΣ

Ι. Μάνος Α. Μαούλης, Ι. Τομπάζης.

ΦΘΙΩΤΙΔΟΣ ΚΑΙ ΦΩΚΙΔΟΣ

Ι. Τσερμόλουδης 16796, Παπαγεώργιος 16485 Μάλλης 15491, Α. Βασιλάκης 14981, Ν. Σιαρὸς 14867, Καραγιάννης 14813, Θ. Παπαϊωάννου 14817, Γιαβὸς 14584, Κ. Λαμπάκης 14090, Χαϊτόπουλος 13862, Παπαλουκᾶς 13169.

ΦΛΩΡΙΝΗΣ

Δόλμαρης Χατζηδάκης, Σέλιος Λεύθης, Ιπ. Χαρίστιος, Σαμπάτς, Ιωνάρης, Παπαδάκης, Γεωργίου, Ι. Βαλλιάδας, Φεστὶς Μουσὴ Πρεοστᾶς.

ΧΑΝΙΩΝ

Ε. Βενιζέλος 11749, Γ. Μαμακαντωνάκης 10184, Μπαντουζάκης 9446, Παπαδιαμαντάκης 9295, Ρουπμερίζης 9332, Πουτζάκης 9178, Κασιδάκης 9015.

ΧΙΟΥ

Κουβεδάς, Τσιλλιρίδης, Ροδοκανάκης, Καλβοκορέσης, Σκαρμᾶς, Χωρέτης.

ΨΑΡΩΝ

Πὰκ καὶ Κανάκης.

ΨΗΦΙΣΜΑ ΛΑΟΥ ΙΜΒΡΟΥ

Εἰς τὸν Σπυρίδωνα ἐστάλη τὸ ψήφισμα, ὅπως ὁ λαὸς τῆς Ἴμβρου ἐπιστέλλοι τὰς θερμὰς εὐχάς του πρὸς τὸν Βασιλέα καὶ τὴν Κυβέρνησιν διὰ τὴν ἐπιτυχίαν τῆς ἀπελευθερώσεως τῆς πατρίδος. Καὶ εἰς τὴν Τήνον ἐγένετο ὅμοιον ψήφισμα, τὸ ὁποῖον ἀπεστάλη πρὸς τὸν Σπυρίδωνα.
